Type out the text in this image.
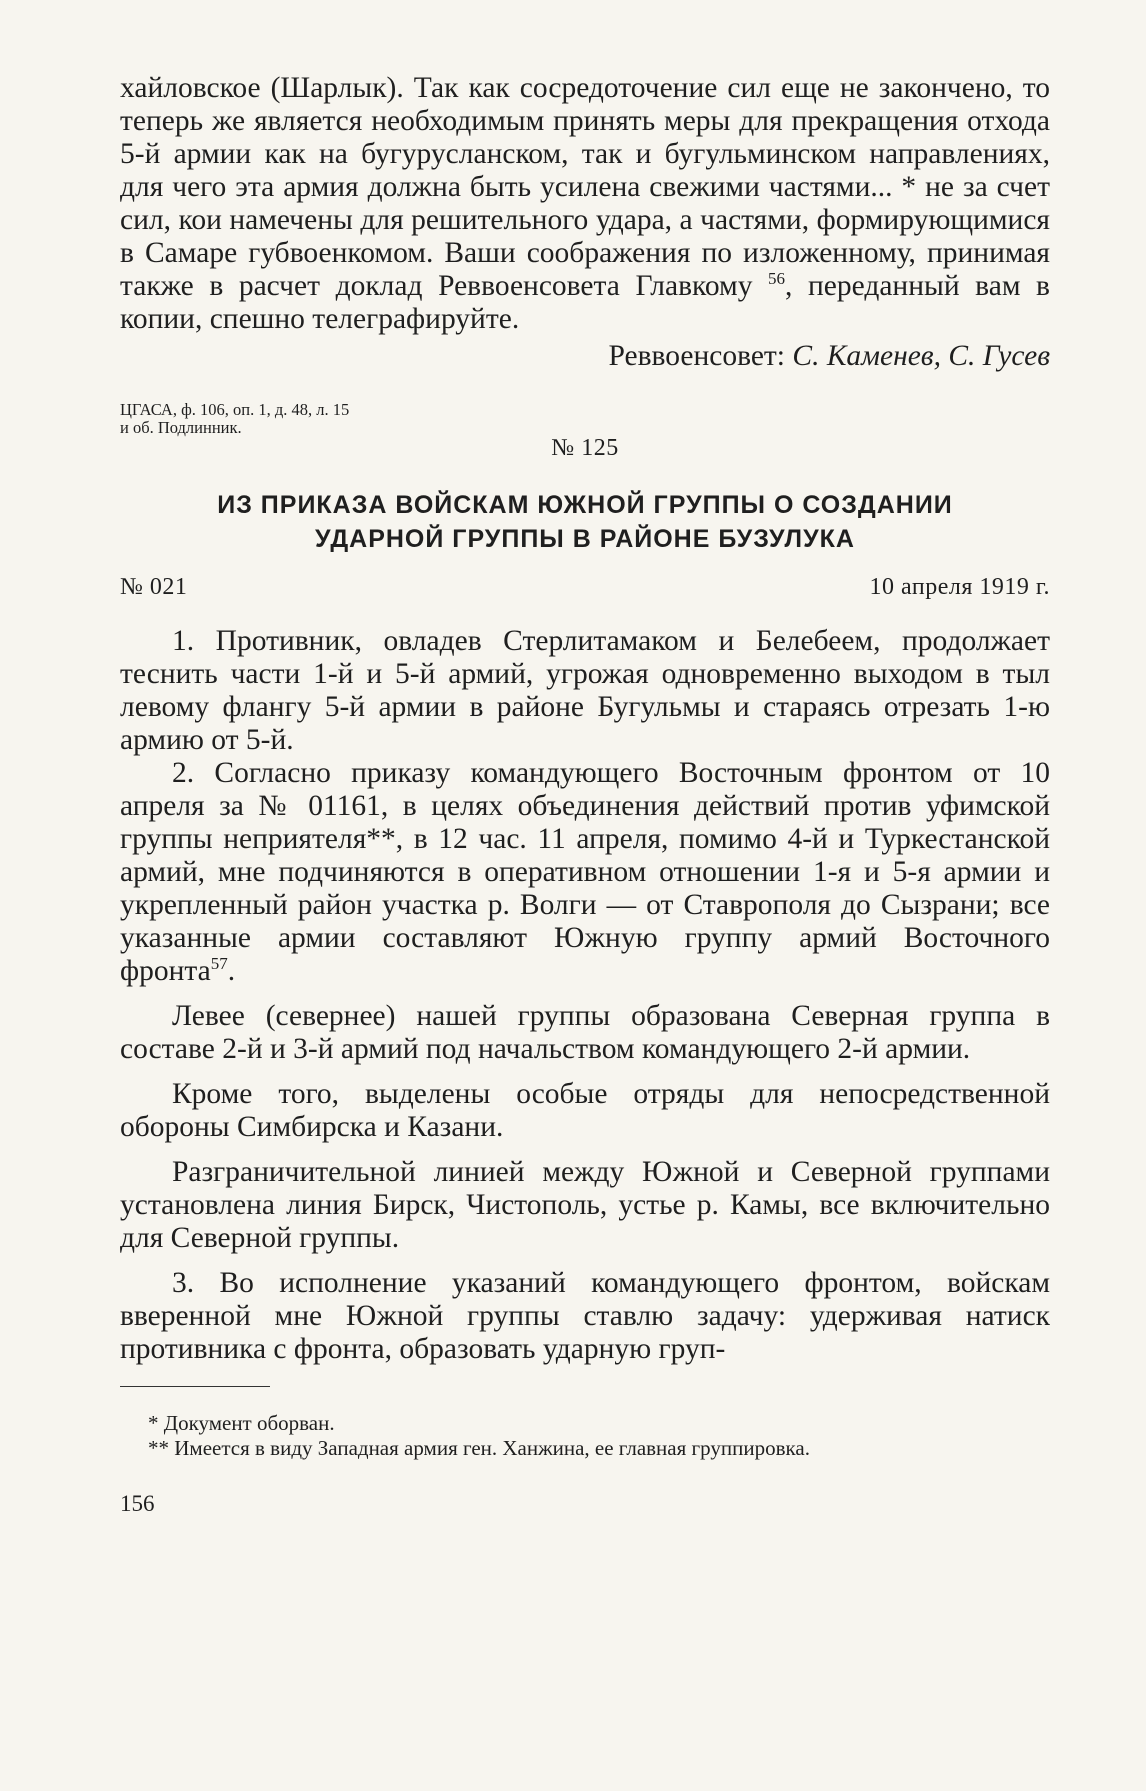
хайловское (Шарлык). Так как сосредоточение сил еще не закончено, то теперь же является необходимым принять меры для прекращения отхода 5-й армии как на бугурусланском, так и бугульминском направлениях, для чего эта армия должна быть усилена свежими частями... * не за счет сил, кои намечены для решительного удара, а частями, формирующимися в Самаре губвоенкомом. Ваши соображения по изложенному, принимая также в расчет доклад Реввоенсовета Главкому $^{56}$, переданный вам в копии, спешно телеграфируйте.

Реввоенсовет: С. Каменев, С. Гусев
ЦГАСА, ф. 106, оп. 1, д. 48, л. 15
и об. Подлинник.
№ 125
ИЗ ПРИКАЗА ВОЙСКАМ ЮЖНОЙ ГРУППЫ О СОЗДАНИИ
УДАРНОЙ ГРУППЫ В РАЙОНЕ БУЗУЛУКА
№ 021	10 апреля 1919 г.

1. Противник, овладев Стерлитамаком и Белебеем, продолжает теснить части 1-й и 5-й армий, угрожая одновременно выходом в тыл левому флангу 5-й армии в районе Бугульмы и стараясь отрезать 1-ю армию от 5-й.

2. Согласно приказу командующего Восточным фронтом от 10 апреля за № 01161, в целях объединения действий против уфимской группы неприятеля**, в 12 час. 11 апреля, помимо 4-й и Туркестанской армий, мне подчиняются в оперативном отношении 1-я и 5-я армии и укрепленный район участка р. Волги — от Ставрополя до Сызрани; все указанные армии составляют Южную группу армий Восточного фронта$^{57}$.

Левее (севернее) нашей группы образована Северная группа в составе 2-й и 3-й армий под начальством командующего 2-й армии.

Кроме того, выделены особые отряды для непосредственной обороны Симбирска и Казани.

Разграничительной линией между Южной и Северной группами установлена линия Бирск, Чистополь, устье р. Камы, все включительно для Северной группы.

3. Во исполнение указаний командующего фронтом, войскам вверенной мне Южной группы ставлю задачу: удерживая натиск противника с фронта, образовать ударную груп-

* Документ оборван.

** Имеется в виду Западная армия ген. Ханжина, ее главная группировка.

156
